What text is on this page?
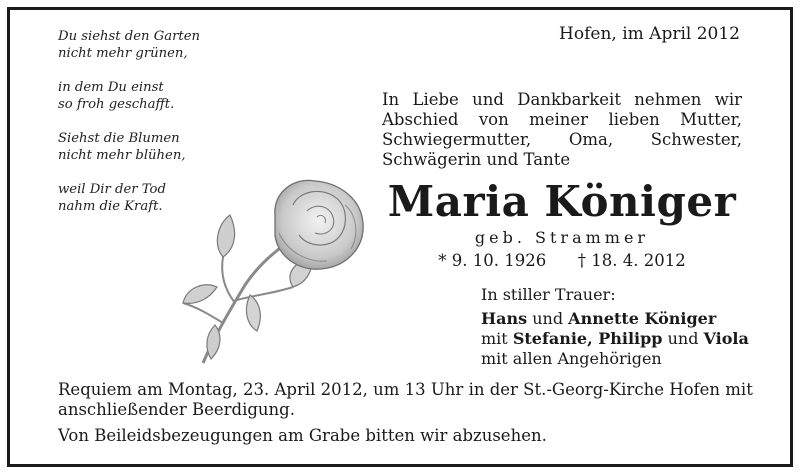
Du siehst den Garten
nicht mehr grünen,
in dem Du einst
so froh geschafft.
Siehst die Blumen
nicht mehr blühen,
weil Dir der Tod
nahm die Kraft.
Hofen, im April 2012
In Liebe und Dankbarkeit nehmen wir
Abschied von meiner lieben Mutter,
Schwiegermutter, Oma, Schwester,
Schwägerin und Tante
Maria Königer
geb. Strammer
* 9. 10. 1926 † 18. 4. 2012
In stiller Trauer:
Hans und Annette Königer
mit Stefanie, Philipp und Viola
mit allen Angehörigen
Requiem am Montag, 23. April 2012, um 13 Uhr in der St.-Georg-Kirche Hofen mit
anschließender Beerdigung.
Von Beileidsbezeugungen am Grabe bitten wir abzusehen.
